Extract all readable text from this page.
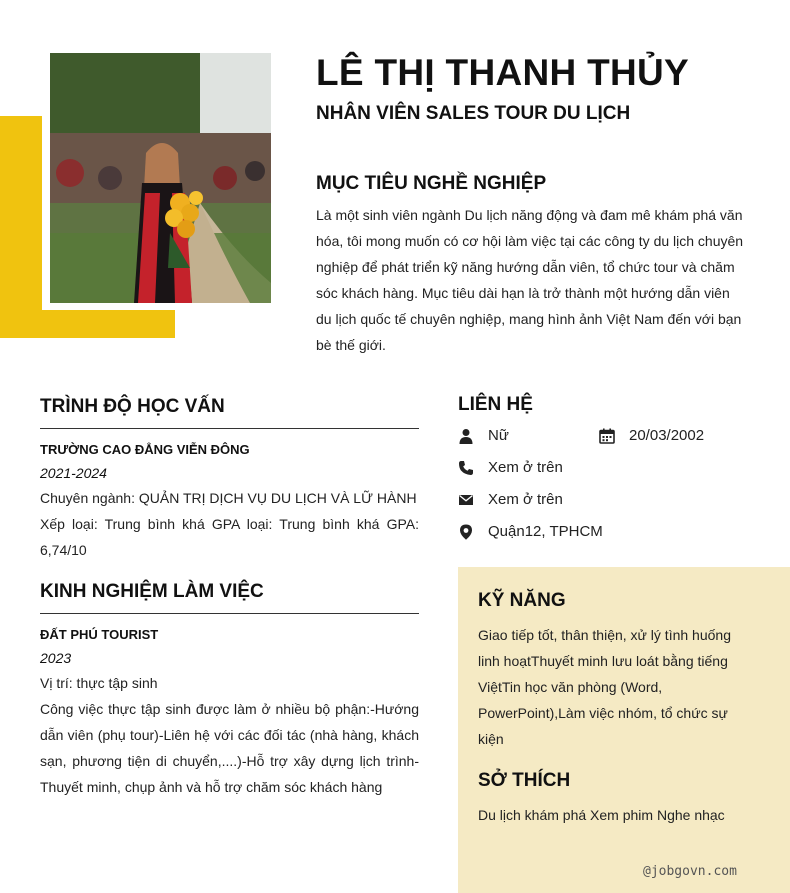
LÊ THỊ THANH THỦY
NHÂN VIÊN SALES TOUR DU LỊCH
MỤC TIÊU NGHỀ NGHIỆP
Là một sinh viên ngành Du lịch năng động và đam mê khám phá văn hóa, tôi mong muốn có cơ hội làm việc tại các công ty du lịch chuyên nghiệp để phát triển kỹ năng hướng dẫn viên, tổ chức tour và chăm sóc khách hàng. Mục tiêu dài hạn là trở thành một hướng dẫn viên du lịch quốc tế chuyên nghiệp, mang hình ảnh Việt Nam đến với bạn bè thế giới.
TRÌNH ĐỘ HỌC VẤN
TRƯỜNG CAO ĐẲNG VIỄN ĐÔNG
2021-2024
Chuyên ngành: QUẢN TRỊ DỊCH VỤ DU LỊCH VÀ LỮ HÀNH
Xếp loại: Trung bình khá GPA loại: Trung bình khá GPA: 6,74/10
KINH NGHIỆM LÀM VIỆC
ĐẤT PHÚ TOURIST
2023
Vị trí: thực tập sinh
Công việc thực tập sinh được làm ở nhiều bộ phận:-Hướng dẫn viên (phụ tour)-Liên hệ với các đối tác (nhà hàng, khách sạn, phương tiện di chuyển,....)-Hỗ trợ xây dựng lịch trình-Thuyết minh, chụp ảnh và hỗ trợ chăm sóc khách hàng
LIÊN HỆ
Nữ	20/03/2002
Xem ở trên
Xem ở trên
Quận12, TPHCM
KỸ NĂNG
Giao tiếp tốt, thân thiện, xử lý tình huống linh hoạtThuyết minh lưu loát bằng tiếng ViệtTin học văn phòng (Word, PowerPoint),Làm việc nhóm, tổ chức sự kiện
SỞ THÍCH
Du lịch khám phá Xem phim Nghe nhạc
@jobgovn.com
